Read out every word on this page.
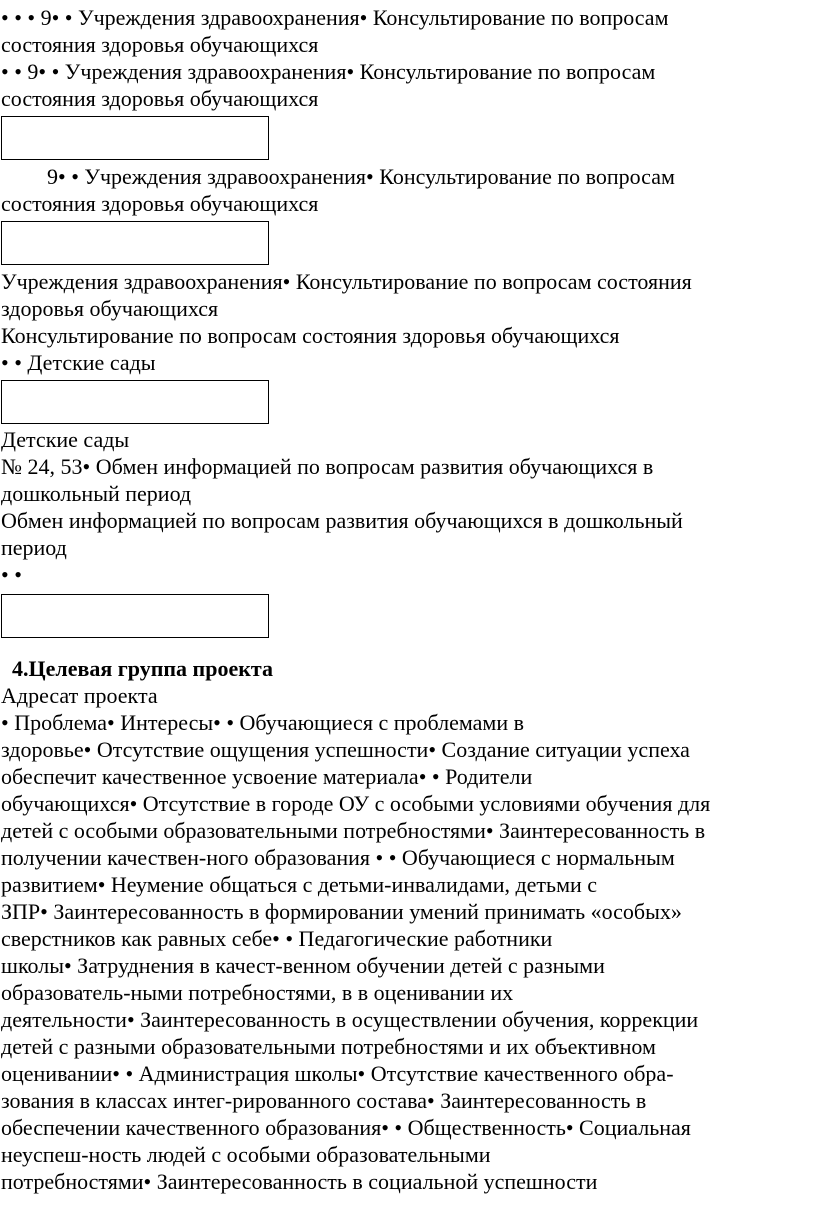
• • • 9• • Учреждения здравоохранения• Консультирование по вопросам

состояния здоровья обучающихся

• • 9• • Учреждения здравоохранения• Консультирование по вопросам

состояния здоровья обучающихся

9• • Учреждения здравоохранения• Консультирование по вопросам

состояния здоровья обучающихся

Учреждения здравоохранения• Консультирование по вопросам состояния

здоровья обучающихся

Консультирование по вопросам состояния здоровья обучающихся

• • Детские сады

Детские сады

№ 24, 53• Обмен информацией по вопросам развития обучающихся в

дошкольный период

Обмен информацией по вопросам развития обучающихся в дошкольный

период

• •

4.Целевая группа проекта

Адресат проекта

• Проблема• Интересы• • Обучающиеся с проблемами в

здоровье• Отсутствие ощущения успешности• Создание ситуации успеха

обеспечит качественное усвоение материала• • Родители

обучающихся• Отсутствие в городе ОУ с особыми условиями обучения для

детей с особыми образовательными потребностями• Заинтересованность в

получении качествен-ного образования • • Обучающиеся с нормальным

развитием• Неумение общаться с детьми-инвалидами, детьми с

ЗПР• Заинтересованность в формировании умений принимать «особых»

сверстников как равных себе• • Педагогические работники

школы• Затруднения в качест-венном обучении детей с разными

образователь-ными потребностями, в в оценивании их

деятельности• Заинтересованность в осуществлении обучения, коррекции

детей с разными образовательными потребностями и их объективном

оценивании• • Администрация школы• Отсутствие качественного обра-

зования в классах интег-рированного состава• Заинтересованность в

обеспечении качественного образования• • Общественность• Социальная

неуспеш-ность людей с особыми образовательными

потребностями• Заинтересованность в социальной успешности
